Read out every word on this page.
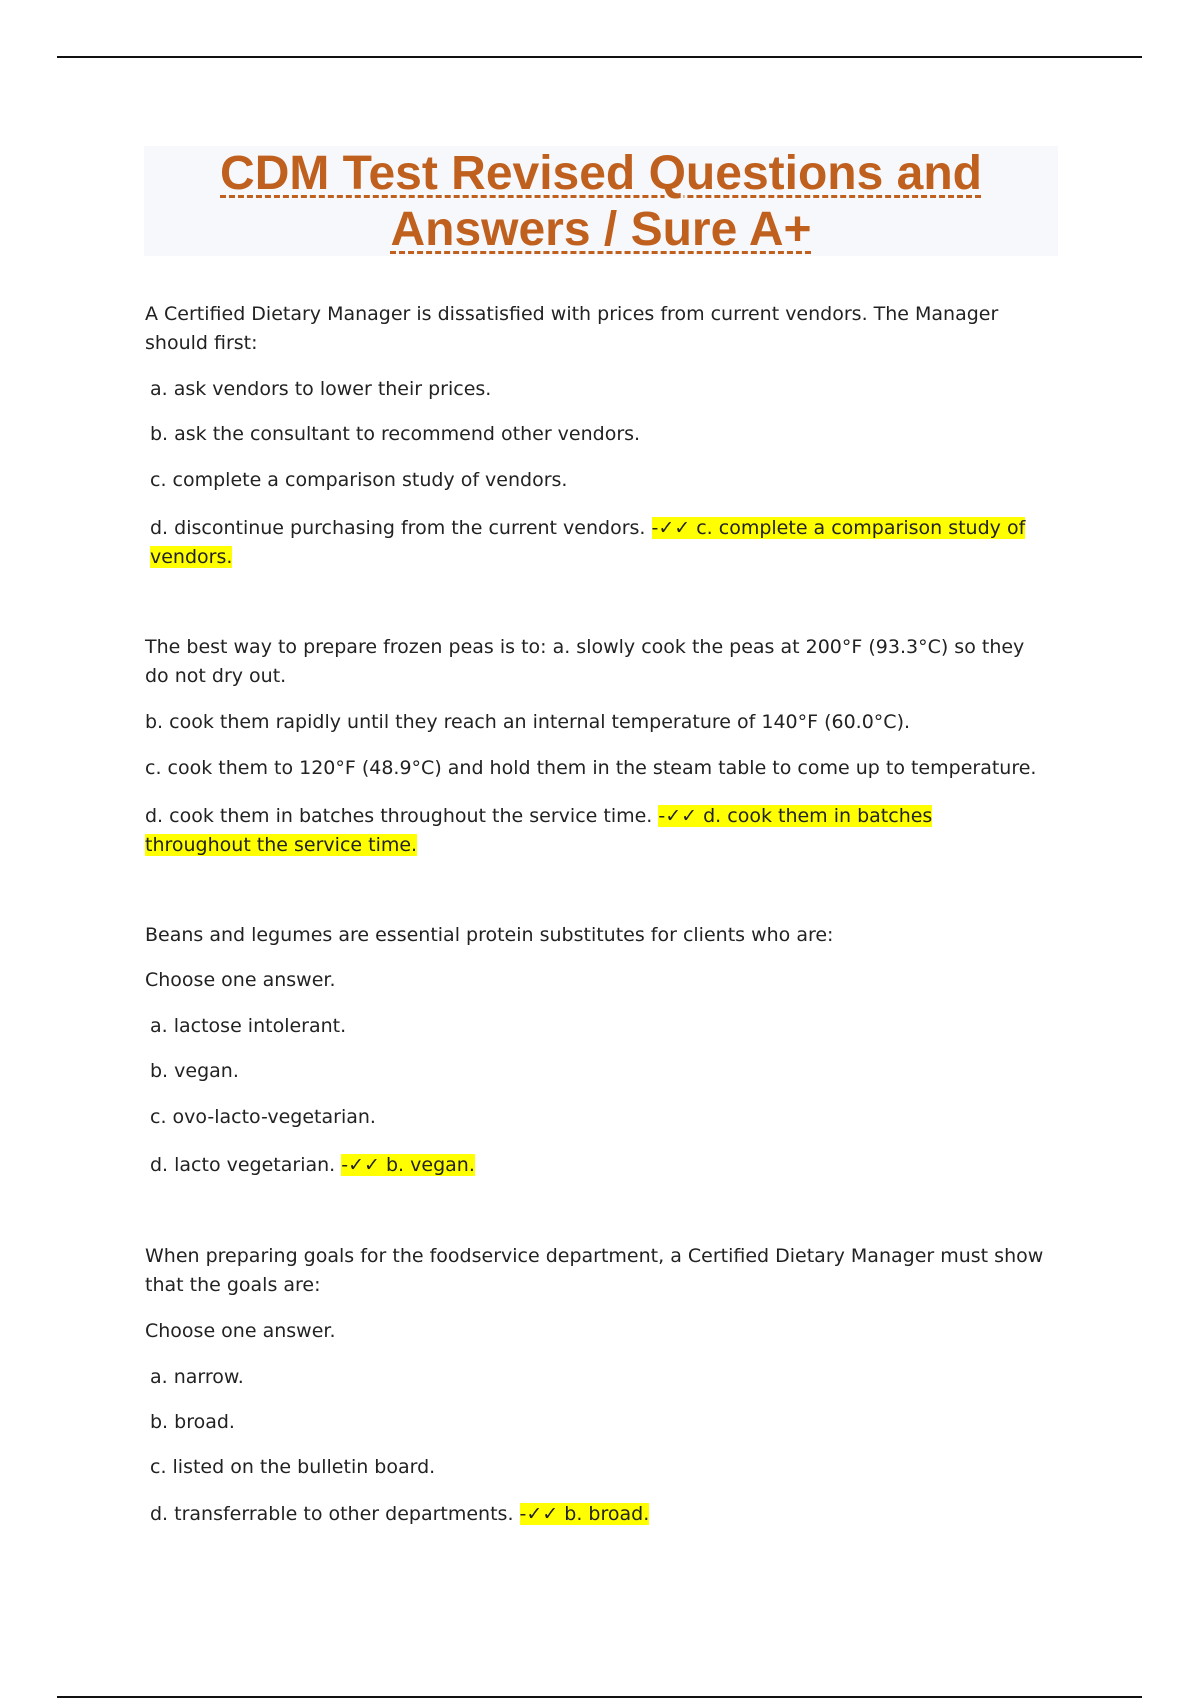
CDM Test Revised Questions and
Answers / Sure A+

A Certified Dietary Manager is dissatisfied with prices from current vendors. The Manager should first:

a. ask vendors to lower their prices.

b. ask the consultant to recommend other vendors.

c. complete a comparison study of vendors.

d. discontinue purchasing from the current vendors. -✓✓ c. complete a comparison study of vendors.

The best way to prepare frozen peas is to: a. slowly cook the peas at 200°F (93.3°C) so they do not dry out.

b. cook them rapidly until they reach an internal temperature of 140°F (60.0°C).

c. cook them to 120°F (48.9°C) and hold them in the steam table to come up to temperature.

d. cook them in batches throughout the service time. -✓✓ d. cook them in batches throughout the service time.

Beans and legumes are essential protein substitutes for clients who are:

Choose one answer.

a. lactose intolerant.

b. vegan.

c. ovo-lacto-vegetarian.

d. lacto vegetarian. -✓✓ b. vegan.

When preparing goals for the foodservice department, a Certified Dietary Manager must show that the goals are:

Choose one answer.

a. narrow.

b. broad.

c. listed on the bulletin board.

d. transferrable to other departments. -✓✓ b. broad.
